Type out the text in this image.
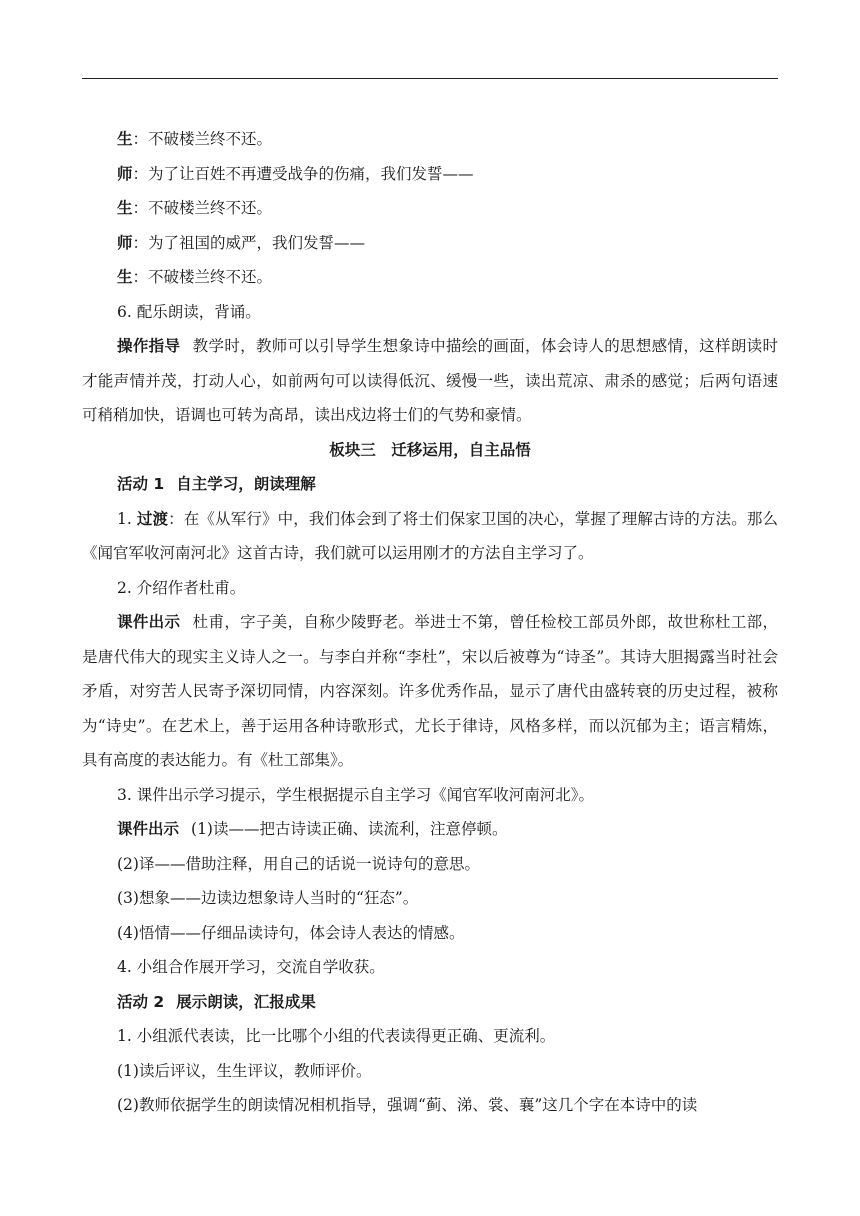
生：不破楼兰终不还。

师：为了让百姓不再遭受战争的伤痛，我们发誓——

生：不破楼兰终不还。

师：为了祖国的威严，我们发誓——

生：不破楼兰终不还。

6. 配乐朗读，背诵。

操作指导 教学时，教师可以引导学生想象诗中描绘的画面，体会诗人的思想感情，这样朗读时才能声情并茂，打动人心，如前两句可以读得低沉、缓慢一些，读出荒凉、肃杀的感觉；后两句语速可稍稍加快，语调也可转为高昂，读出戍边将士们的气势和豪情。

板块三　迁移运用，自主品悟

活动 1 自主学习，朗读理解

1. 过渡：在《从军行》中，我们体会到了将士们保家卫国的决心，掌握了理解古诗的方法。那么《闻官军收河南河北》这首古诗，我们就可以运用刚才的方法自主学习了。

2. 介绍作者杜甫。

课件出示 杜甫，字子美，自称少陵野老。举进士不第，曾任检校工部员外郎，故世称杜工部，是唐代伟大的现实主义诗人之一。与李白并称“李杜”，宋以后被尊为“诗圣”。其诗大胆揭露当时社会矛盾，对穷苦人民寄予深切同情，内容深刻。许多优秀作品，显示了唐代由盛转衰的历史过程，被称为“诗史”。在艺术上，善于运用各种诗歌形式，尤长于律诗，风格多样，而以沉郁为主；语言精炼，具有高度的表达能力。有《杜工部集》。

3. 课件出示学习提示，学生根据提示自主学习《闻官军收河南河北》。

课件出示 (1)读——把古诗读正确、读流利，注意停顿。

(2)译——借助注释，用自己的话说一说诗句的意思。

(3)想象——边读边想象诗人当时的“狂态”。

(4)悟情——仔细品读诗句，体会诗人表达的情感。

4. 小组合作展开学习，交流自学收获。

活动 2 展示朗读，汇报成果

1. 小组派代表读，比一比哪个小组的代表读得更正确、更流利。

(1)读后评议，生生评议，教师评价。

(2)教师依据学生的朗读情况相机指导，强调“蓟、涕、裳、襄”这几个字在本诗中的读
